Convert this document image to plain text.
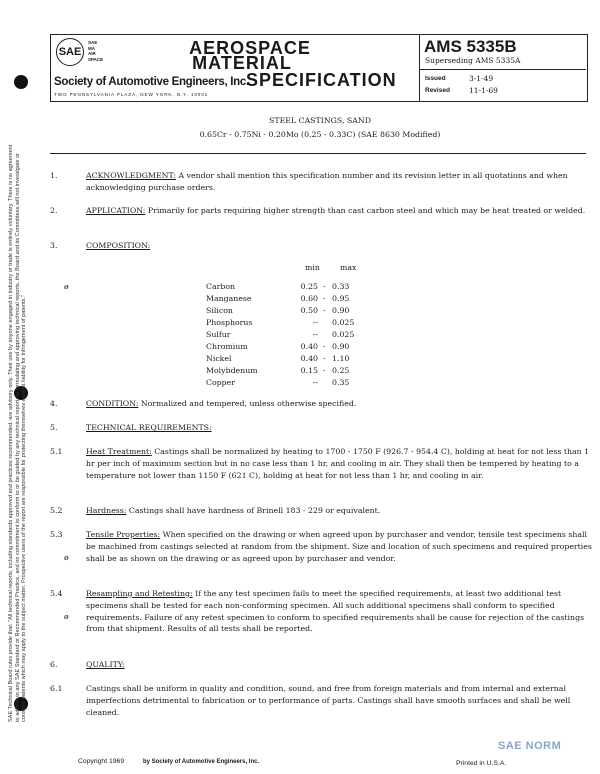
SAE Technical Board rules provide that: "All technical reports, including standards approved and practices recommended, are advisory only. Their use by anyone engaged in industry or trade is entirely voluntary. There is no agreement to adhere to any SAE Standard or Recommended Practice, and no commitment to conform to or be guided by any technical report. In formulating and approving technical reports, the Board and its Committees will not investigate or consider patents which may apply to the subject matter. Prospective users of the report are responsible for protecting themselves against liability for infringement of patents."
SAE
SAE
MA
AIR
SPACE
Society of Automotive Engineers, Inc.
TWO PENNSYLVANIA PLAZA, NEW YORK, N.Y. 10001
AEROSPACE
MATERIAL
SPECIFICATION
AMS 5335B
Superseding AMS 5335A
Issued	3-1-49
Revised	11-1-69
STEEL CASTINGS, SAND
0.65Cr - 0.75Ni - 0.20Mo (0.25 - 0.33C) (SAE 8630 Modified)
1.	ACKNOWLEDGMENT: A vendor shall mention this specification number and its revision letter in all quotations and when acknowledging purchase orders.
2.	APPLICATION: Primarily for parts requiring higher strength than cast carbon steel and which may be heat treated or welded.
3.	COMPOSITION:
min	max
ø	Carbon	0.25 - 0.33
Manganese	0.60 - 0.95
Silicon	0.50 - 0.90
Phosphorus	-- 0.025
Sulfur	-- 0.025
Chromium	0.40 - 0.90
Nickel	0.40 - 1.10
Molybdenum	0.15 - 0.25
Copper	-- 0.35
4.	CONDITION: Normalized and tempered, unless otherwise specified.
5.	TECHNICAL REQUIREMENTS:
5.1	Heat Treatment: Castings shall be normalized by heating to 1700 - 1750 F (926.7 - 954.4 C), holding at heat for not less than 1 hr per inch of maximum section but in no case less than 1 hr, and cooling in air. They shall then be tempered by heating to a temperature not lower than 1150 F (621 C), holding at heat for not less than 1 hr, and cooling in air.
5.2	Hardness: Castings shall have hardness of Brinell 183 - 229 or equivalent.
5.3	Tensile Properties: When specified on the drawing or when agreed upon by purchaser and vendor, tensile test specimens shall be machined from castings selected at random from the shipment. Size and location of such specimens and required properties shall be as shown on the drawing or as agreed upon by purchaser and vendor.
ø
5.4	Resampling and Retesting: If the any test specimen fails to meet the specified requirements, at least two additional test specimens shall be tested for each non-conforming specimen. All such additional specimens shall conform to specified requirements. Failure of any retest specimen to conform to specified requirements shall be cause for rejection of the castings from that shipment. Results of all tests shall be reported.
ø
6.	QUALITY:
6.1	Castings shall be uniform in quality and condition, sound, and free from foreign materials and from internal and external imperfections detrimental to fabrication or to performance of parts. Castings shall have smooth surfaces and shall be well cleaned.
Copyright 1969	by Society of Automotive Engineers, Inc.	Printed in U.S.A.
SAE NORM
